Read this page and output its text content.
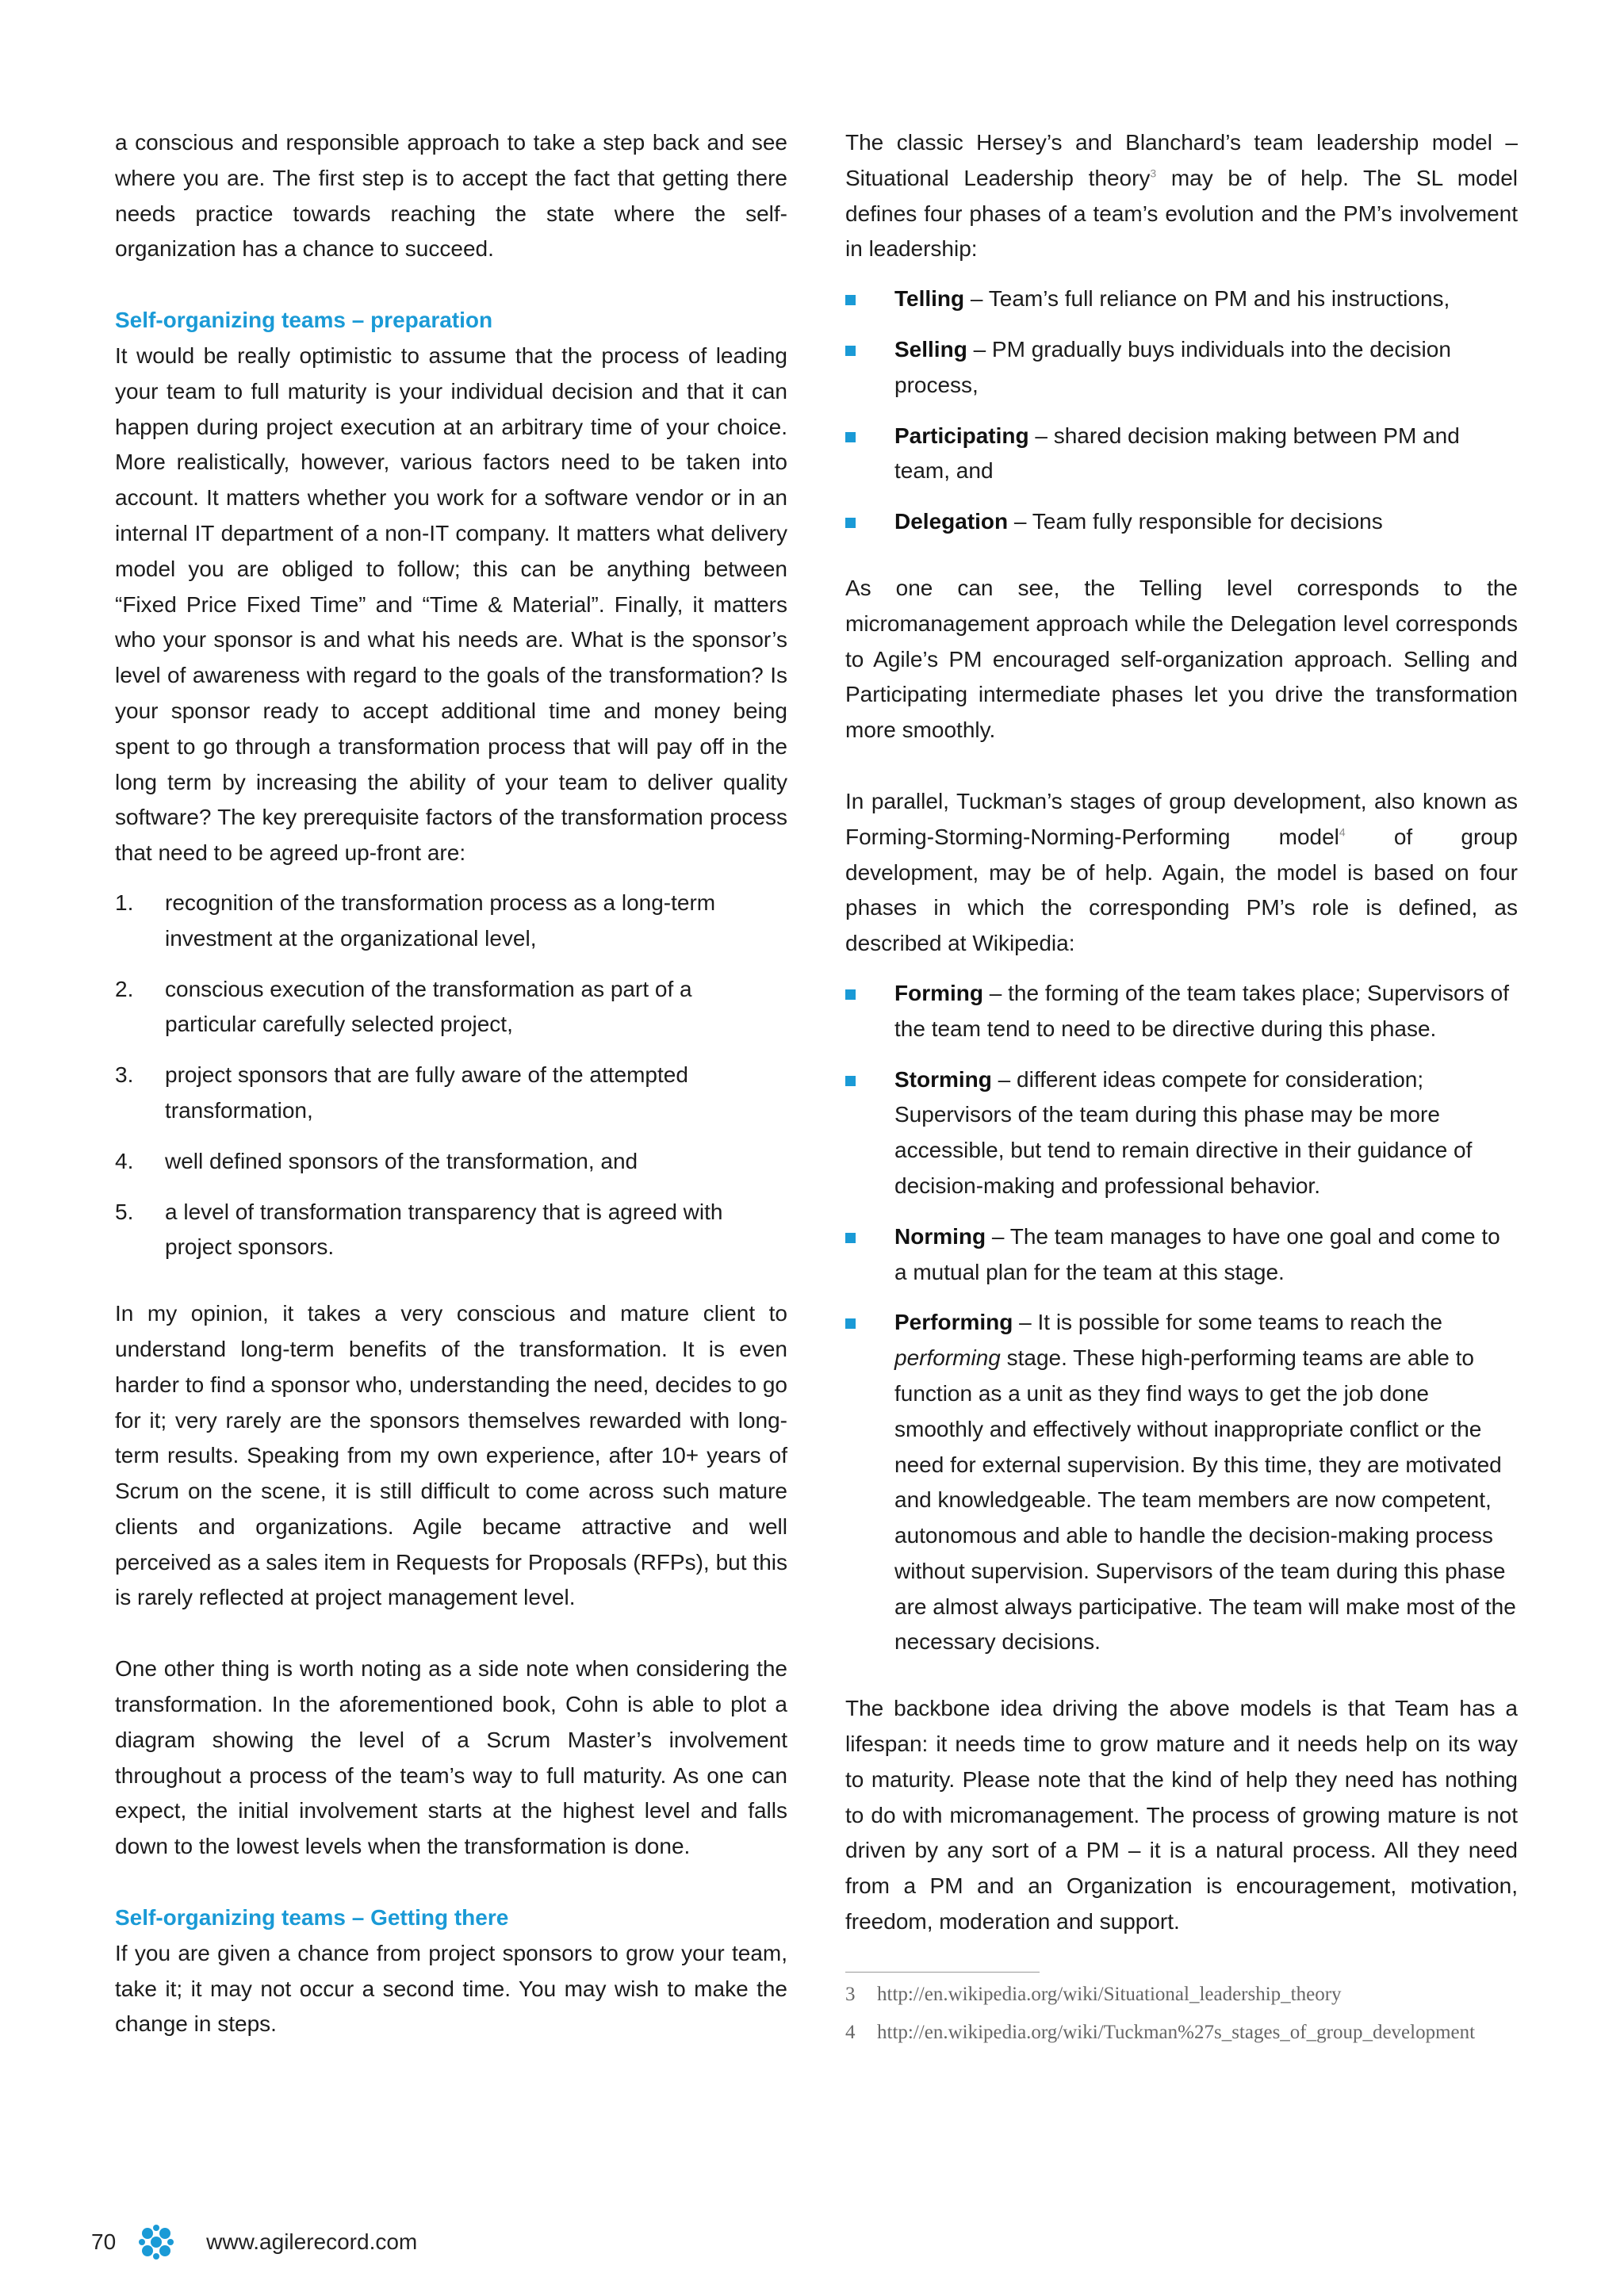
a conscious and responsible approach to take a step back and see where you are. The first step is to accept the fact that getting there needs practice towards reaching the state where the self-organization has a chance to succeed.

Self-organizing teams – preparation

It would be really optimistic to assume that the process of leading your team to full maturity is your individual decision and that it can happen during project execution at an arbitrary time of your choice. More realistically, however, various factors need to be taken into account. It matters whether you work for a software vendor or in an internal IT department of a non-IT company. It matters what delivery model you are obliged to follow; this can be anything between “Fixed Price Fixed Time” and “Time & Material”. Finally, it matters who your sponsor is and what his needs are. What is the sponsor’s level of awareness with regard to the goals of the transformation? Is your sponsor ready to accept additional time and money being spent to go through a transformation process that will pay off in the long term by increasing the ability of your team to deliver quality software? The key prerequisite factors of the transformation process that need to be agreed up-front are:

1.	recognition of the transformation process as a long-term investment at the organizational level,
2.	conscious execution of the transformation as part of a particular carefully selected project,
3.	project sponsors that are fully aware of the attempted transformation,
4.	well defined sponsors of the transformation, and
5.	a level of transformation transparency that is agreed with project sponsors.

In my opinion, it takes a very conscious and mature client to understand long-term benefits of the transformation. It is even harder to find a sponsor who, understanding the need, decides to go for it; very rarely are the sponsors themselves rewarded with long-term results. Speaking from my own experience, after 10+ years of Scrum on the scene, it is still difficult to come across such mature clients and organizations. Agile became attractive and well perceived as a sales item in Requests for Proposals (RFPs), but this is rarely reflected at project management level.

One other thing is worth noting as a side note when considering the transformation. In the aforementioned book, Cohn is able to plot a diagram showing the level of a Scrum Master’s involvement throughout a process of the team’s way to full maturity. As one can expect, the initial involvement starts at the highest level and falls down to the lowest levels when the transformation is done.

Self-organizing teams – Getting there

If you are given a chance from project sponsors to grow your team, take it; it may not occur a second time. You may wish to make the change in steps.

The classic Hersey’s and Blanchard’s team leadership model – Situational Leadership theory$^3$ may be of help. The SL model defines four phases of a team’s evolution and the PM’s involvement in leadership:

Telling – Team’s full reliance on PM and his instructions,
Selling – PM gradually buys individuals into the decision process,
Participating – shared decision making between PM and team, and
Delegation – Team fully responsible for decisions

As one can see, the Telling level corresponds to the micromanagement approach while the Delegation level corresponds to Agile’s PM encouraged self-organization approach. Selling and Participating intermediate phases let you drive the transformation more smoothly.

In parallel, Tuckman’s stages of group development, also known as Forming-Storming-Norming-Performing model$^4$ of group development, may be of help. Again, the model is based on four phases in which the corresponding PM’s role is defined, as described at Wikipedia:

Forming – the forming of the team takes place; Supervisors of the team tend to need to be directive during this phase.
Storming – different ideas compete for consideration; Supervisors of the team during this phase may be more accessible, but tend to remain directive in their guidance of decision-making and professional behavior.
Norming – The team manages to have one goal and come to a mutual plan for the team at this stage.
Performing – It is possible for some teams to reach the performing stage. These high-performing teams are able to function as a unit as they find ways to get the job done smoothly and effectively without inappropriate conflict or the need for external supervision. By this time, they are motivated and knowledgeable. The team members are now competent, autonomous and able to handle the decision-making process without supervision. Supervisors of the team during this phase are almost always participative. The team will make most of the necessary decisions.

The backbone idea driving the above models is that Team has a lifespan: it needs time to grow mature and it needs help on its way to maturity. Please note that the kind of help they need has nothing to do with micromanagement. The process of growing mature is not driven by any sort of a PM – it is a natural process. All they need from a PM and an Organization is encouragement, motivation, freedom, moderation and support.

3 http://en.wikipedia.org/wiki/Situational_leadership_theory

4 http://en.wikipedia.org/wiki/Tuckman%27s_stages_of_group_development

70	www.agilerecord.com
